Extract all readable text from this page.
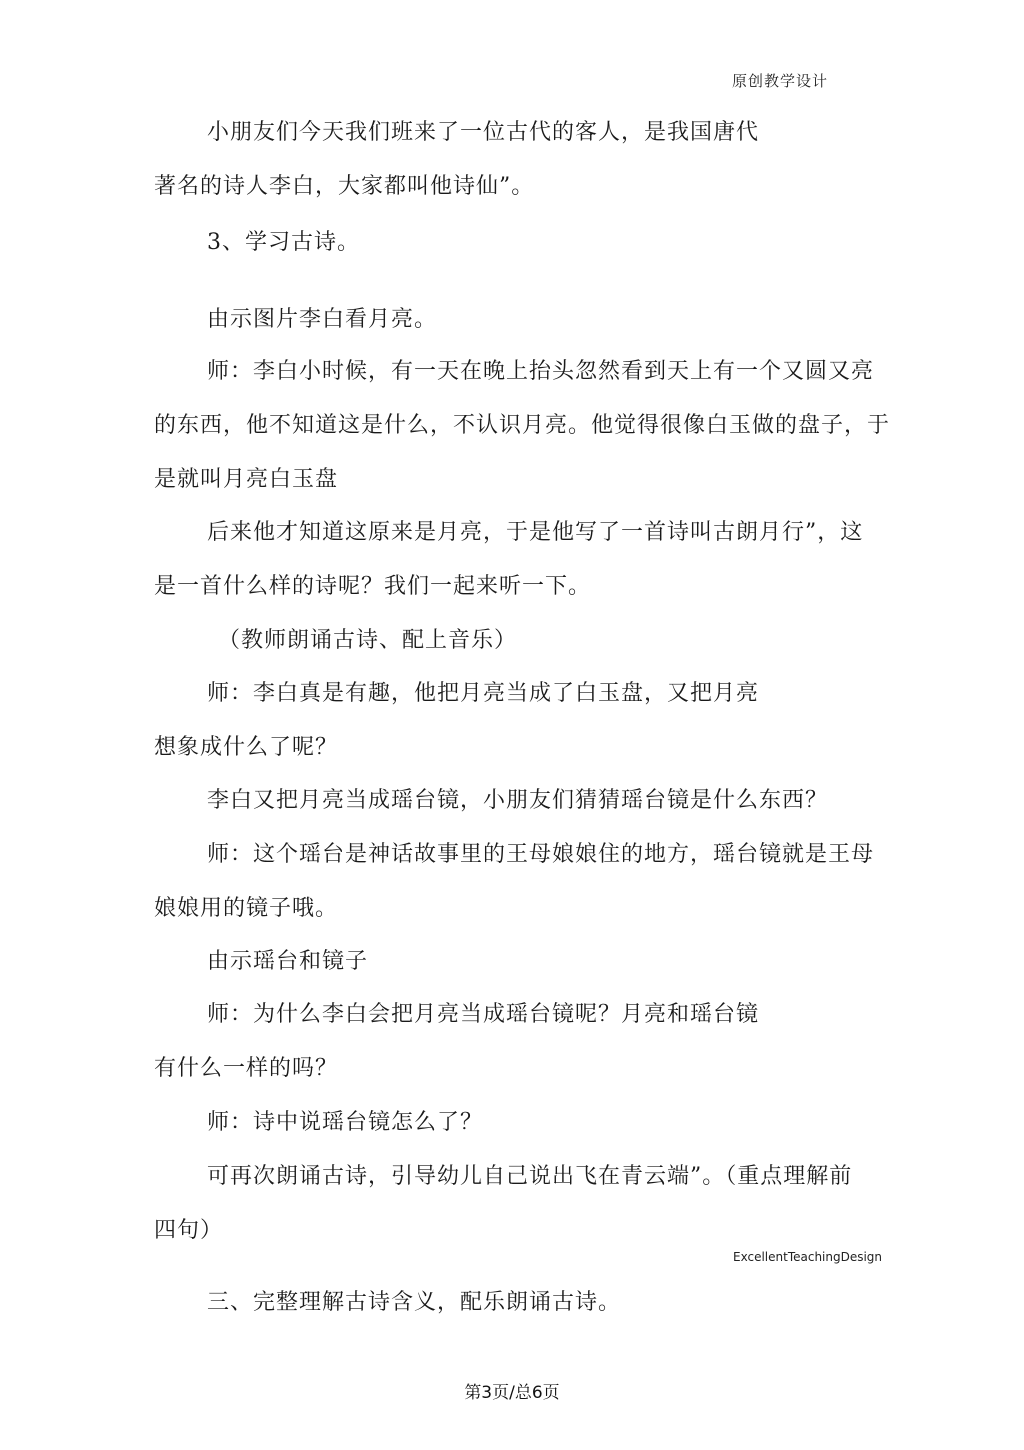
原创教学设计
小朋友们今天我们班来了一位古代的客人，是我国唐代
著名的诗人李白，大家都叫他诗仙”。
3、学习古诗。
由示图片李白看月亮。
师：李白小时候，有一天在晚上抬头忽然看到天上有一个又圆又亮
的东西，他不知道这是什么，不认识月亮。他觉得很像白玉做的盘子，于
是就叫月亮白玉盘
后来他才知道这原来是月亮，于是他写了一首诗叫古朗月行”，这
是一首什么样的诗呢？我们一起来听一下。
（教师朗诵古诗、配上音乐）
师：李白真是有趣，他把月亮当成了白玉盘，又把月亮
想象成什么了呢？
李白又把月亮当成瑶台镜，小朋友们猜猜瑶台镜是什么东西？
师：这个瑶台是神话故事里的王母娘娘住的地方，瑶台镜就是王母
娘娘用的镜子哦。
由示瑶台和镜子
师：为什么李白会把月亮当成瑶台镜呢？月亮和瑶台镜
有什么一样的吗？
师：诗中说瑶台镜怎么了？
可再次朗诵古诗，引导幼儿自己说出飞在青云端”。（重点理解前
四句）
ExcellentTeachingDesign
三、完整理解古诗含义，配乐朗诵古诗。
第3页/总6页
